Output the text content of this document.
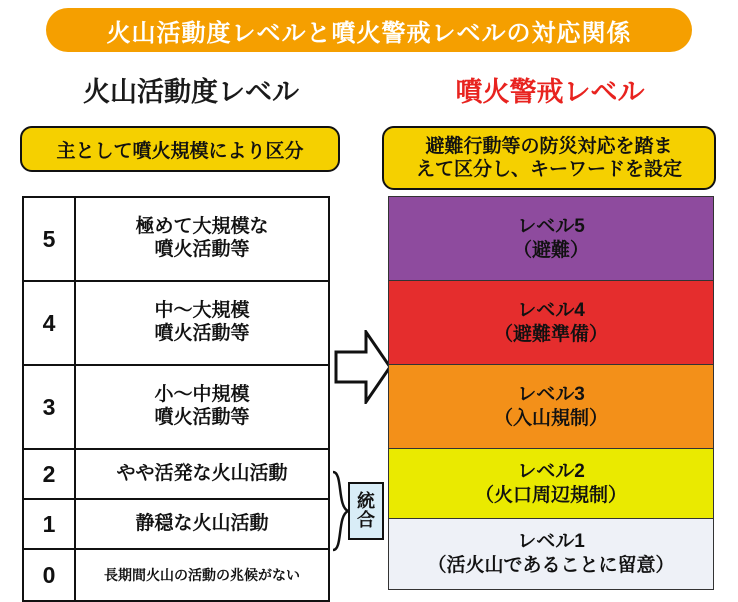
火山活動度レベルと噴火警戒レベルの対応関係
火山活動度レベル	噴火警戒レベル
主として噴火規模により区分	避難行動等の防災対応を踏ま
えて区分し、キーワードを設定
5	極めて大規模な
噴火活動等
4	中〜大規模
噴火活動等
3	小〜中規模
噴火活動等
2	やや活発な火山活動
1	静穏な火山活動
0	長期間火山の活動の兆候がない
統
合
レベル5
（避難）
レベル4
（避難準備）
レベル3
（入山規制）
レベル2
（火口周辺規制）
レベル1
（活火山であることに留意）
